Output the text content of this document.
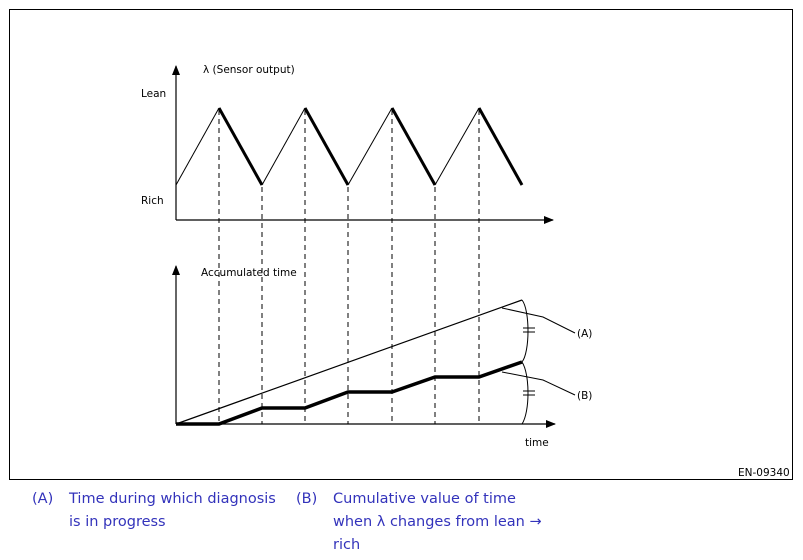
λ (Sensor output)
Lean
Rich
Accumulated time
time
(A)
(B)
EN-09340
(A) Time during which diagnosis is in progress
(B) Cumulative value of time when λ changes from lean → rich
